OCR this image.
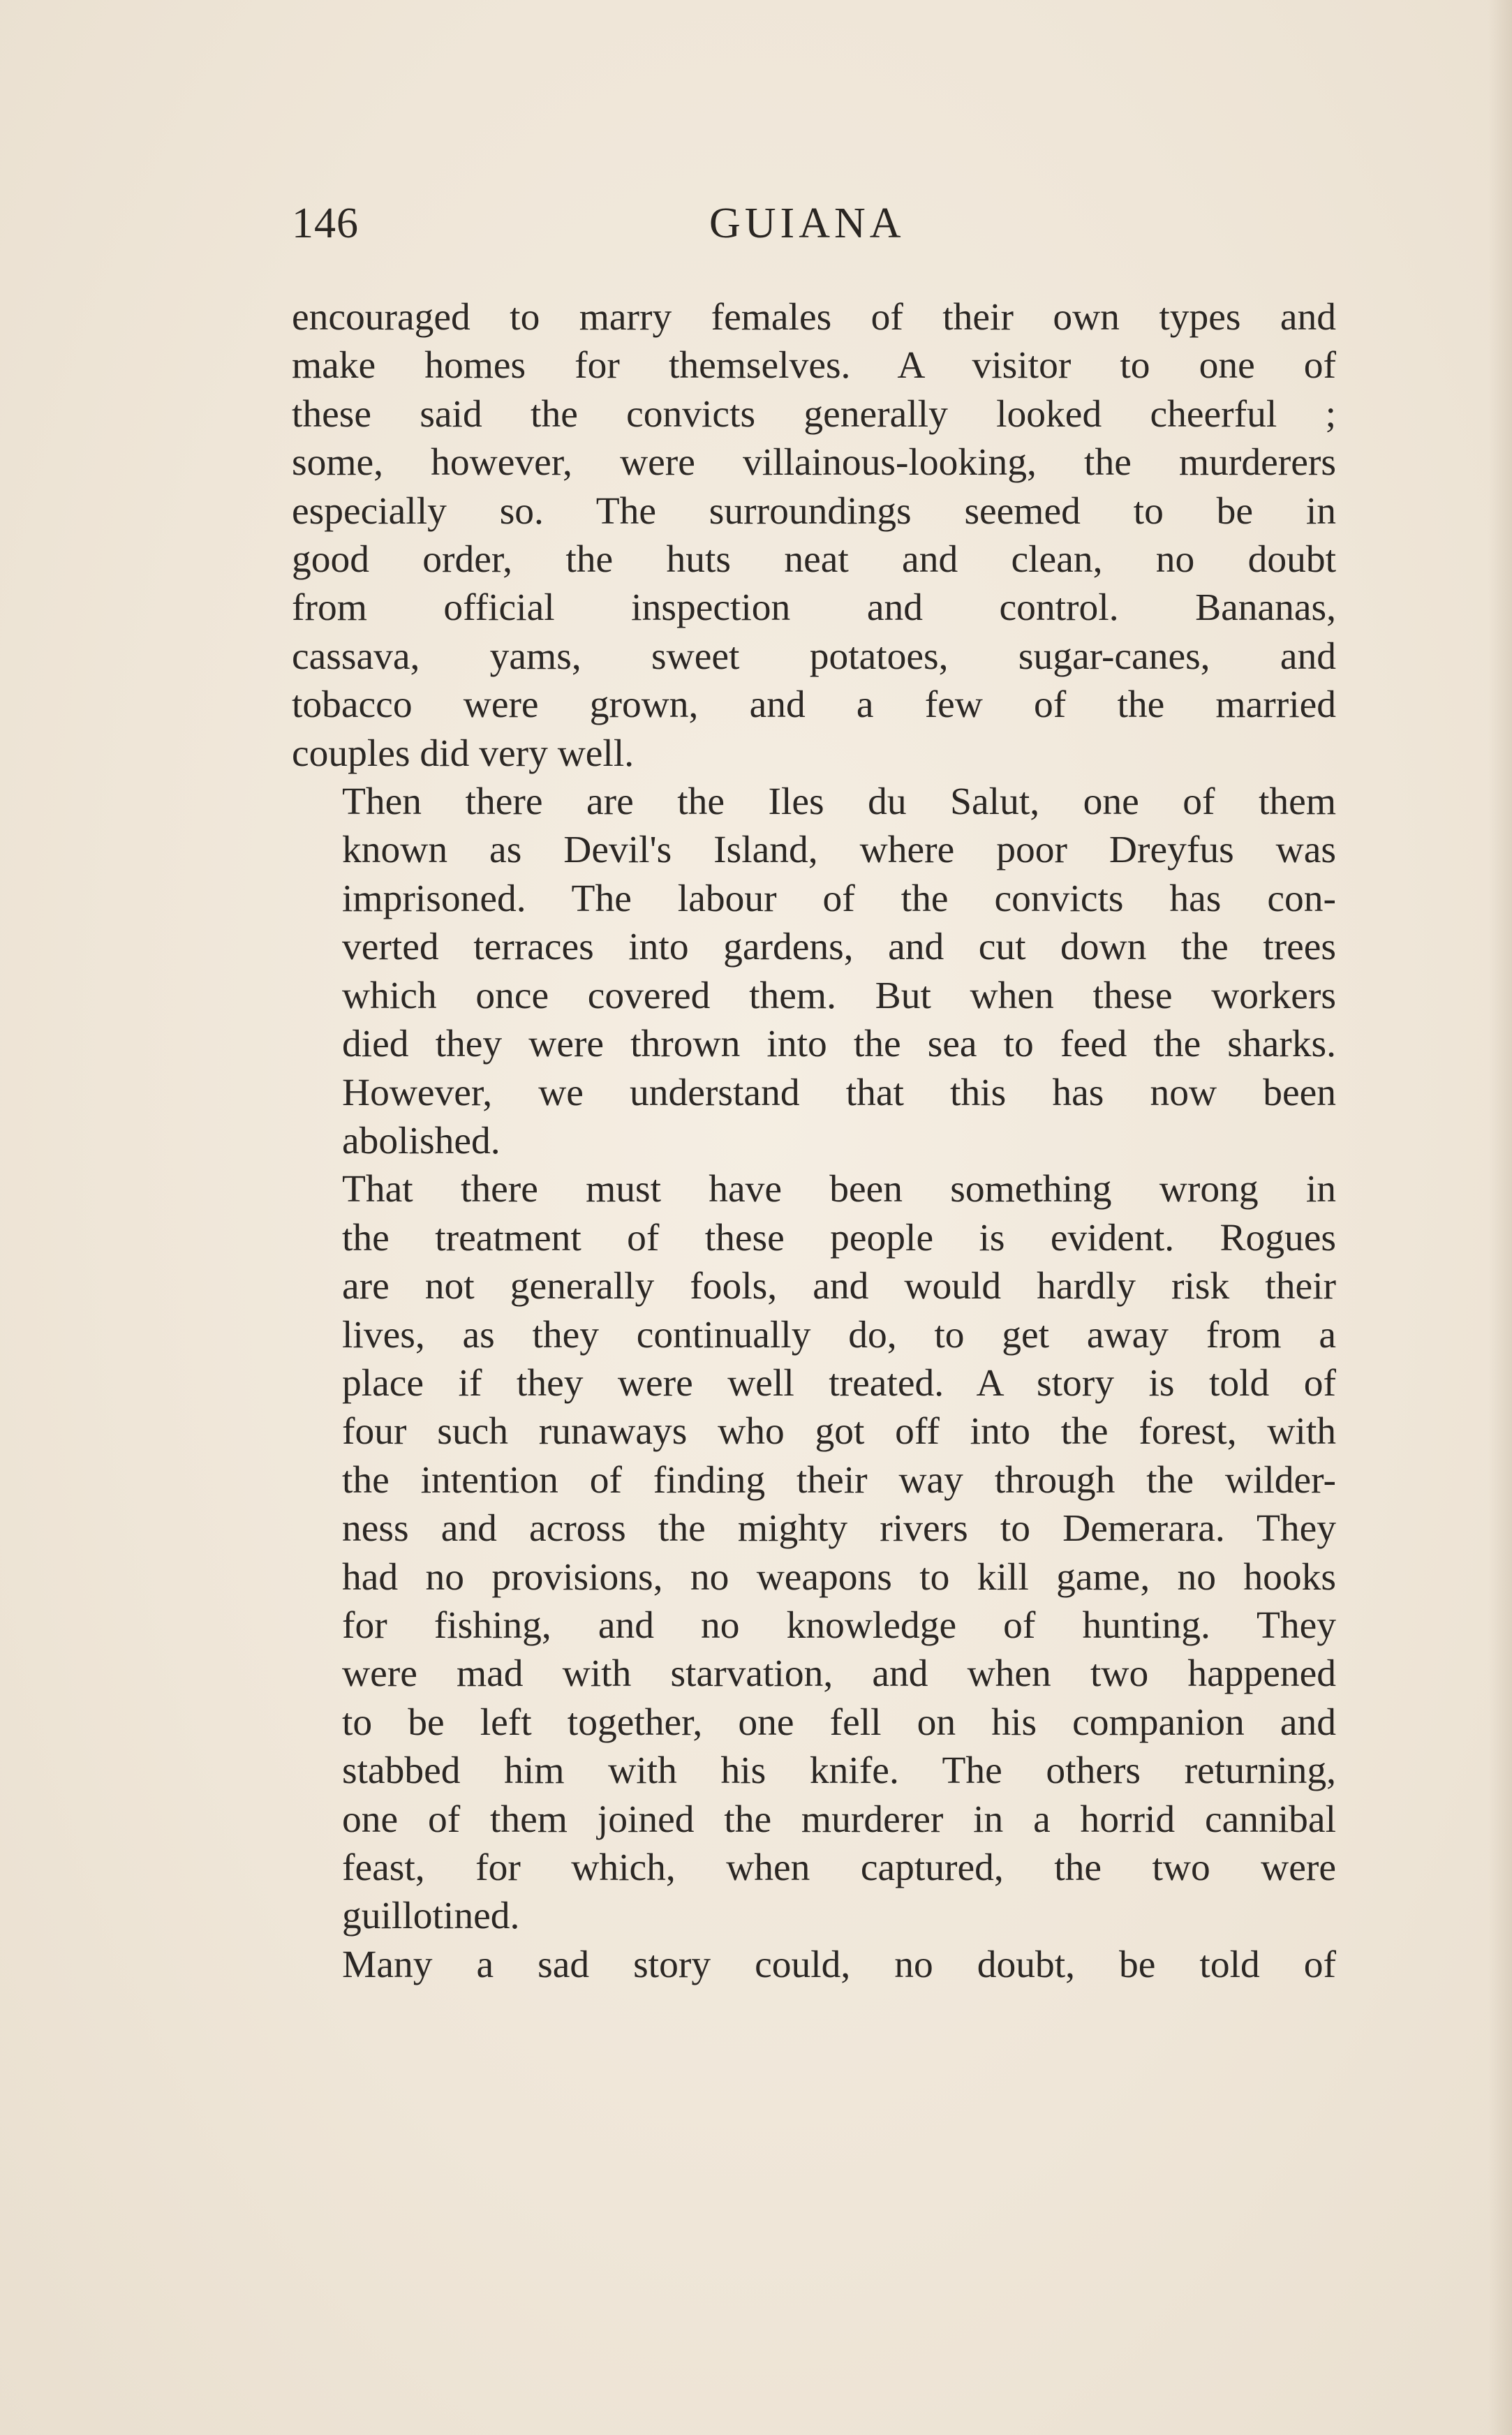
146	GUIANA

encouraged to marry females of their own types and
make homes for themselves. A visitor to one of
these said the convicts generally looked cheerful ;
some, however, were villainous-looking, the murderers
especially so. The surroundings seemed to be in
good order, the huts neat and clean, no doubt
from official inspection and control. Bananas,
cassava, yams, sweet potatoes, sugar-canes, and
tobacco were grown, and a few of the married
couples did very well.

Then there are the Iles du Salut, one of them
known as Devil's Island, where poor Dreyfus was
imprisoned. The labour of the convicts has con-
verted terraces into gardens, and cut down the trees
which once covered them. But when these workers
died they were thrown into the sea to feed the sharks.
However, we understand that this has now been
abolished.

That there must have been something wrong in
the treatment of these people is evident. Rogues
are not generally fools, and would hardly risk their
lives, as they continually do, to get away from a
place if they were well treated. A story is told of
four such runaways who got off into the forest, with
the intention of finding their way through the wilder-
ness and across the mighty rivers to Demerara. They
had no provisions, no weapons to kill game, no hooks
for fishing, and no knowledge of hunting. They
were mad with starvation, and when two happened
to be left together, one fell on his companion and
stabbed him with his knife. The others returning,
one of them joined the murderer in a horrid cannibal
feast, for which, when captured, the two were
guillotined.

Many a sad story could, no doubt, be told of
